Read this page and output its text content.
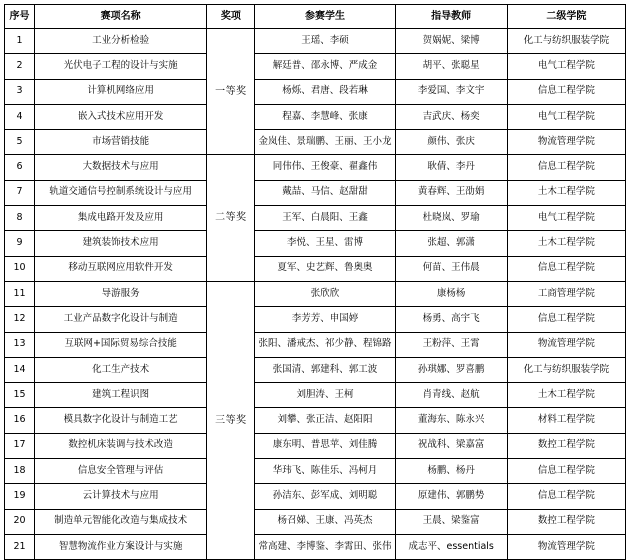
序号	赛项名称	奖项	参赛学生	指导教师	二级学院
1	工业分析检验	一等奖	王瑶、李硕	贺娲妮、梁博	化工与纺织服装学院
2	光伏电子工程的设计与实施		解廷普、邵永博、严成金	胡平、张聪星	电气工程学院
3	计算机网络应用		杨烁、君唐、段若琳	李爱国、李文宇	信息工程学院
4	嵌入式技术应用开发		程嘉、李慧峰、张康	吉武庆、杨奕	电气工程学院
5	市场营销技能		金岚佳、景瑞鹏、王丽、王小龙	颜伟、张庆	物流管理学院
6	大数据技术与应用	二等奖	同伟伟、王俊豪、翟鑫伟	耿倩、李丹	信息工程学院
7	轨道交通信号控制系统设计与应用		戴喆、马信、赵甜甜	黄春辉、王劭娟	土木工程学院
8	集成电路开发及应用		王军、白晨阳、王鑫	杜晓岚、罗瑜	电气工程学院
9	建筑装饰技术应用		李悦、王星、雷博	张超、郭潇	土木工程学院
10	移动互联网应用软件开发		夏军、史艺辉、鲁奥奥	何苗、王伟晨	信息工程学院
11	导游服务	三等奖	张欣欣	康杨杨	工商管理学院
12	工业产品数字化设计与制造		李芳芳、申国婷	杨勇、高宇飞	信息工程学院
13	互联网+国际贸易综合技能		张阳、潘戒杰、祁少静、程锦路	王粉萍、王霄	物流管理学院
14	化工生产技术		张国清、郭建科、郭工波	孙琪娜、罗喜鹏	化工与纺织服装学院
15	建筑工程识图		刘胆涛、王柯	肖青线、赵航	土木工程学院
16	模具数字化设计与制造工艺		刘攀、张正洁、赵阳阳	董海东、陈永兴	材料工程学院
17	数控机床装调与技术改造		康东明、普思苹、刘佳腾	祝战科、梁嘉富	数控工程学院
18	信息安全管理与评估		华玮飞、陈佳乐、冯柯月	杨鹏、杨丹	信息工程学院
19	云计算技术与应用		孙洁东、彭军成、刘明聪	原建伟、郭鹏势	信息工程学院
20	制造单元智能化改造与集成技术		杨召娣、王康、冯英杰	王晨、梁鉴富	数控工程学院
21	智慧物流作业方案设计与实施		常高建、李博鉴、李霄田、张伟	成志平、essentials	物流管理学院
